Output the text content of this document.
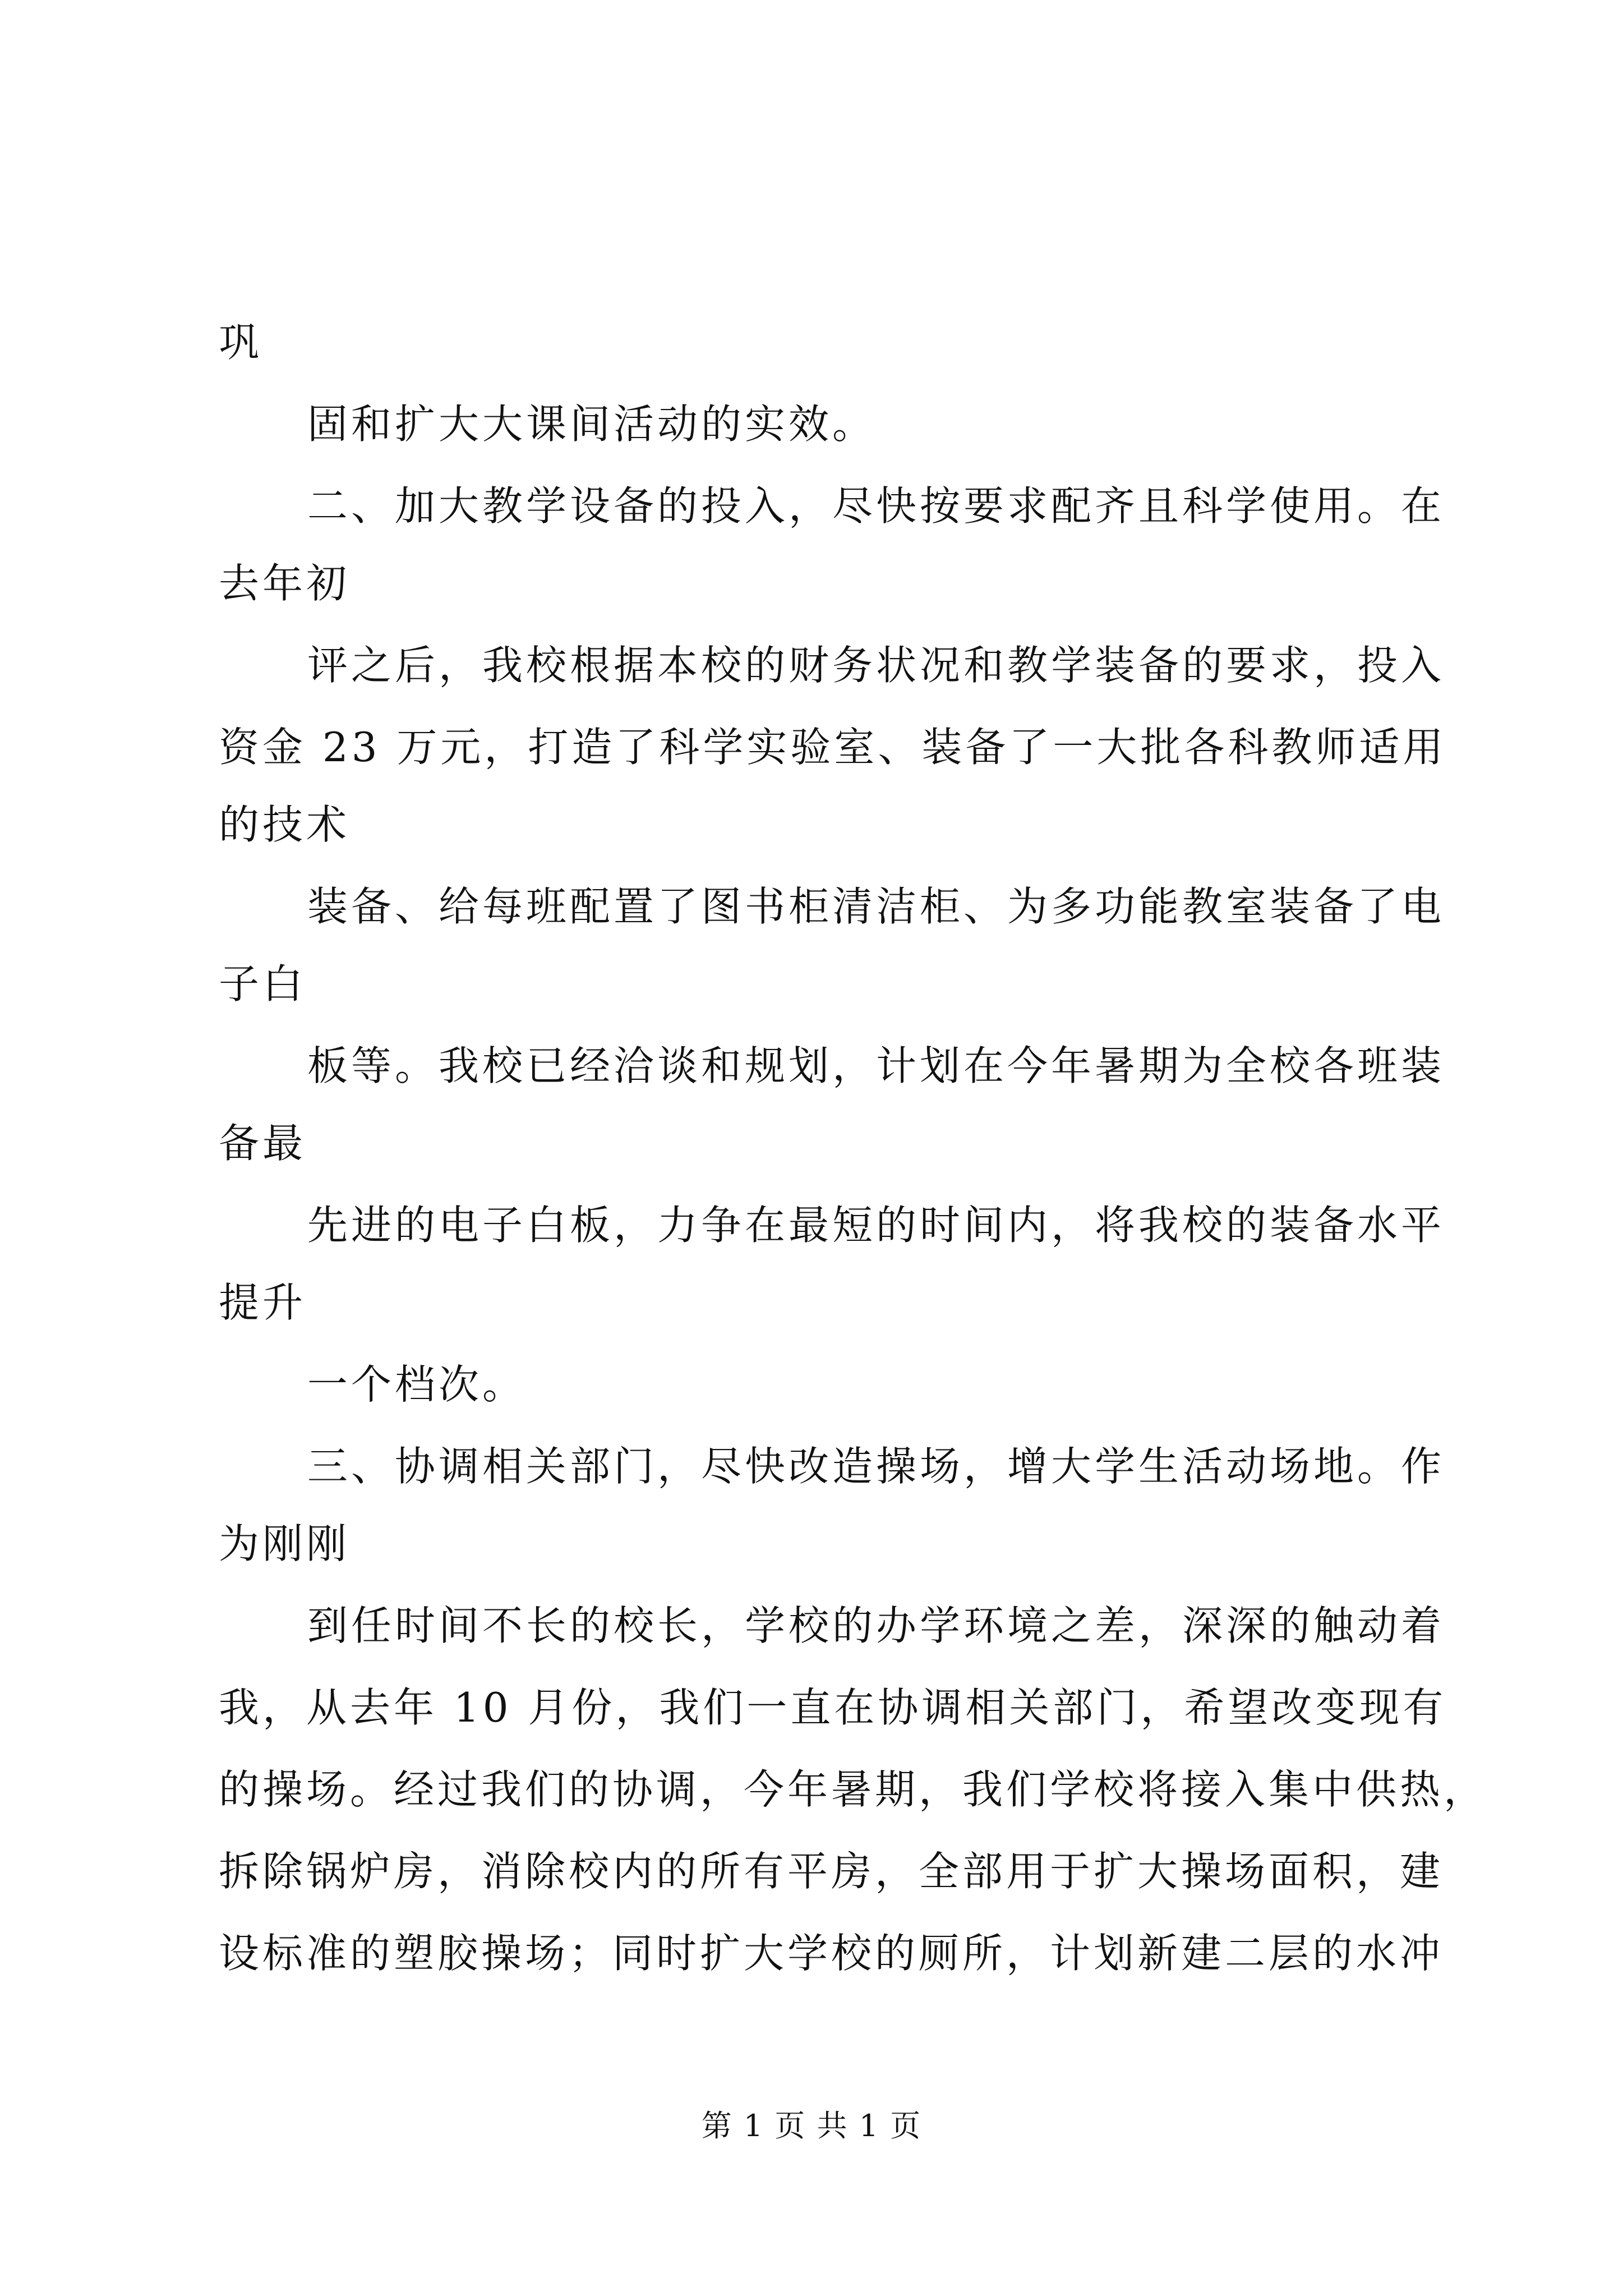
巩
固和扩大大课间活动的实效。
二、加大教学设备的投入，尽快按要求配齐且科学使用。在
去年初
评之后，我校根据本校的财务状况和教学装备的要求，投入
资金 23 万元，打造了科学实验室、装备了一大批各科教师适用
的技术
装备、给每班配置了图书柜清洁柜、为多功能教室装备了电
子白
板等。我校已经洽谈和规划，计划在今年暑期为全校各班装
备最
先进的电子白板，力争在最短的时间内，将我校的装备水平
提升
一个档次。
三、协调相关部门，尽快改造操场，增大学生活动场地。作
为刚刚
到任时间不长的校长，学校的办学环境之差，深深的触动着
我，从去年 10 月份，我们一直在协调相关部门，希望改变现有
的操场。经过我们的协调，今年暑期，我们学校将接入集中供热，
拆除锅炉房，消除校内的所有平房，全部用于扩大操场面积，建
设标准的塑胶操场；同时扩大学校的厕所，计划新建二层的水冲
第 1 页 共 1 页
